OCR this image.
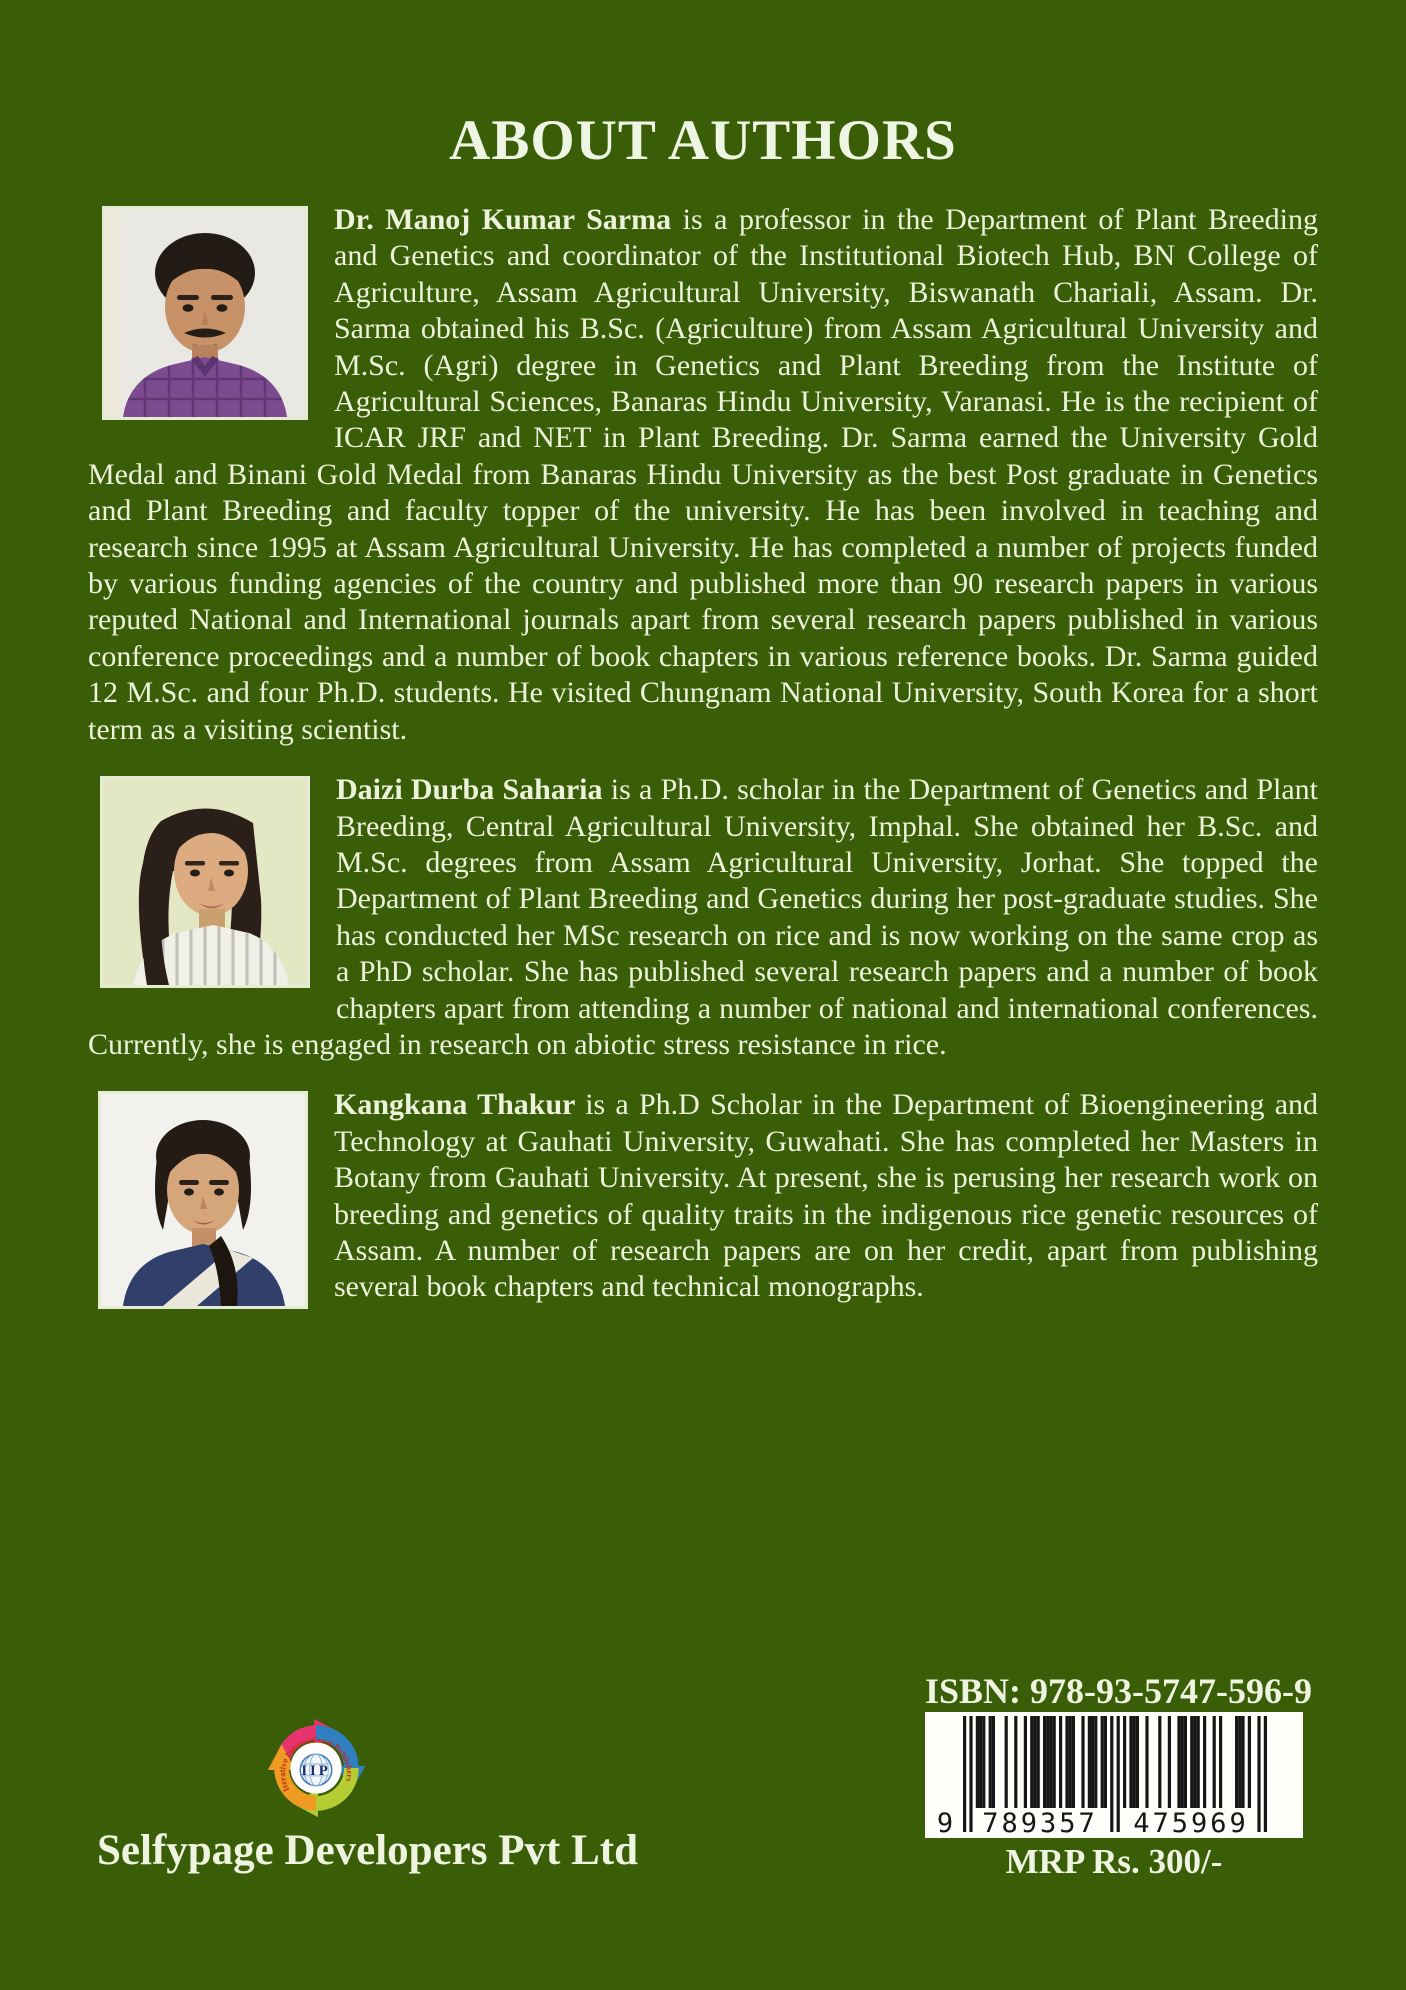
ABOUT AUTHORS

Dr. Manoj Kumar Sarma is a professor in the Department of Plant Breeding and Genetics and coordinator of the Institutional Biotech Hub, BN College of Agriculture, Assam Agricultural University, Biswanath Chariali, Assam. Dr. Sarma obtained his B.Sc. (Agriculture) from Assam Agricultural University and M.Sc. (Agri) degree in Genetics and Plant Breeding from the Institute of Agricultural Sciences, Banaras Hindu University, Varanasi. He is the recipient of ICAR JRF and NET in Plant Breeding. Dr. Sarma earned the University Gold Medal and Binani Gold Medal from Banaras Hindu University as the best Post graduate in Genetics and Plant Breeding and faculty topper of the university. He has been involved in teaching and research since 1995 at Assam Agricultural University. He has completed a number of projects funded by various funding agencies of the country and published more than 90 research papers in various reputed National and International journals apart from several research papers published in various conference proceedings and a number of book chapters in various reference books. Dr. Sarma guided 12 M.Sc. and four Ph.D. students. He visited Chungnam National University, South Korea for a short term as a visiting scientist.

Daizi Durba Saharia is a Ph.D. scholar in the Department of Genetics and Plant Breeding, Central Agricultural University, Imphal. She obtained her B.Sc. and M.Sc. degrees from Assam Agricultural University, Jorhat. She topped the Department of Plant Breeding and Genetics during her post-graduate studies. She has conducted her MSc research on rice and is now working on the same crop as a PhD scholar. She has published several research papers and a number of book chapters apart from attending a number of national and international conferences. Currently, she is engaged in research on abiotic stress resistance in rice.

Kangkana Thakur is a Ph.D Scholar in the Department of Bioengineering and Technology at Gauhati University, Guwahati. She has completed her Masters in Botany from Gauhati University. At present, she is perusing her research work on breeding and genetics of quality traits in the indigenous rice genetic resources of Assam. A number of research papers are on her credit, apart from publishing several book chapters and technical monographs.

ISBN: 978-93-5747-596-9
9 789357 475969
MRP Rs. 300/-
IIP
Iterative International Publishers
Selfypage Developers Pvt Ltd
